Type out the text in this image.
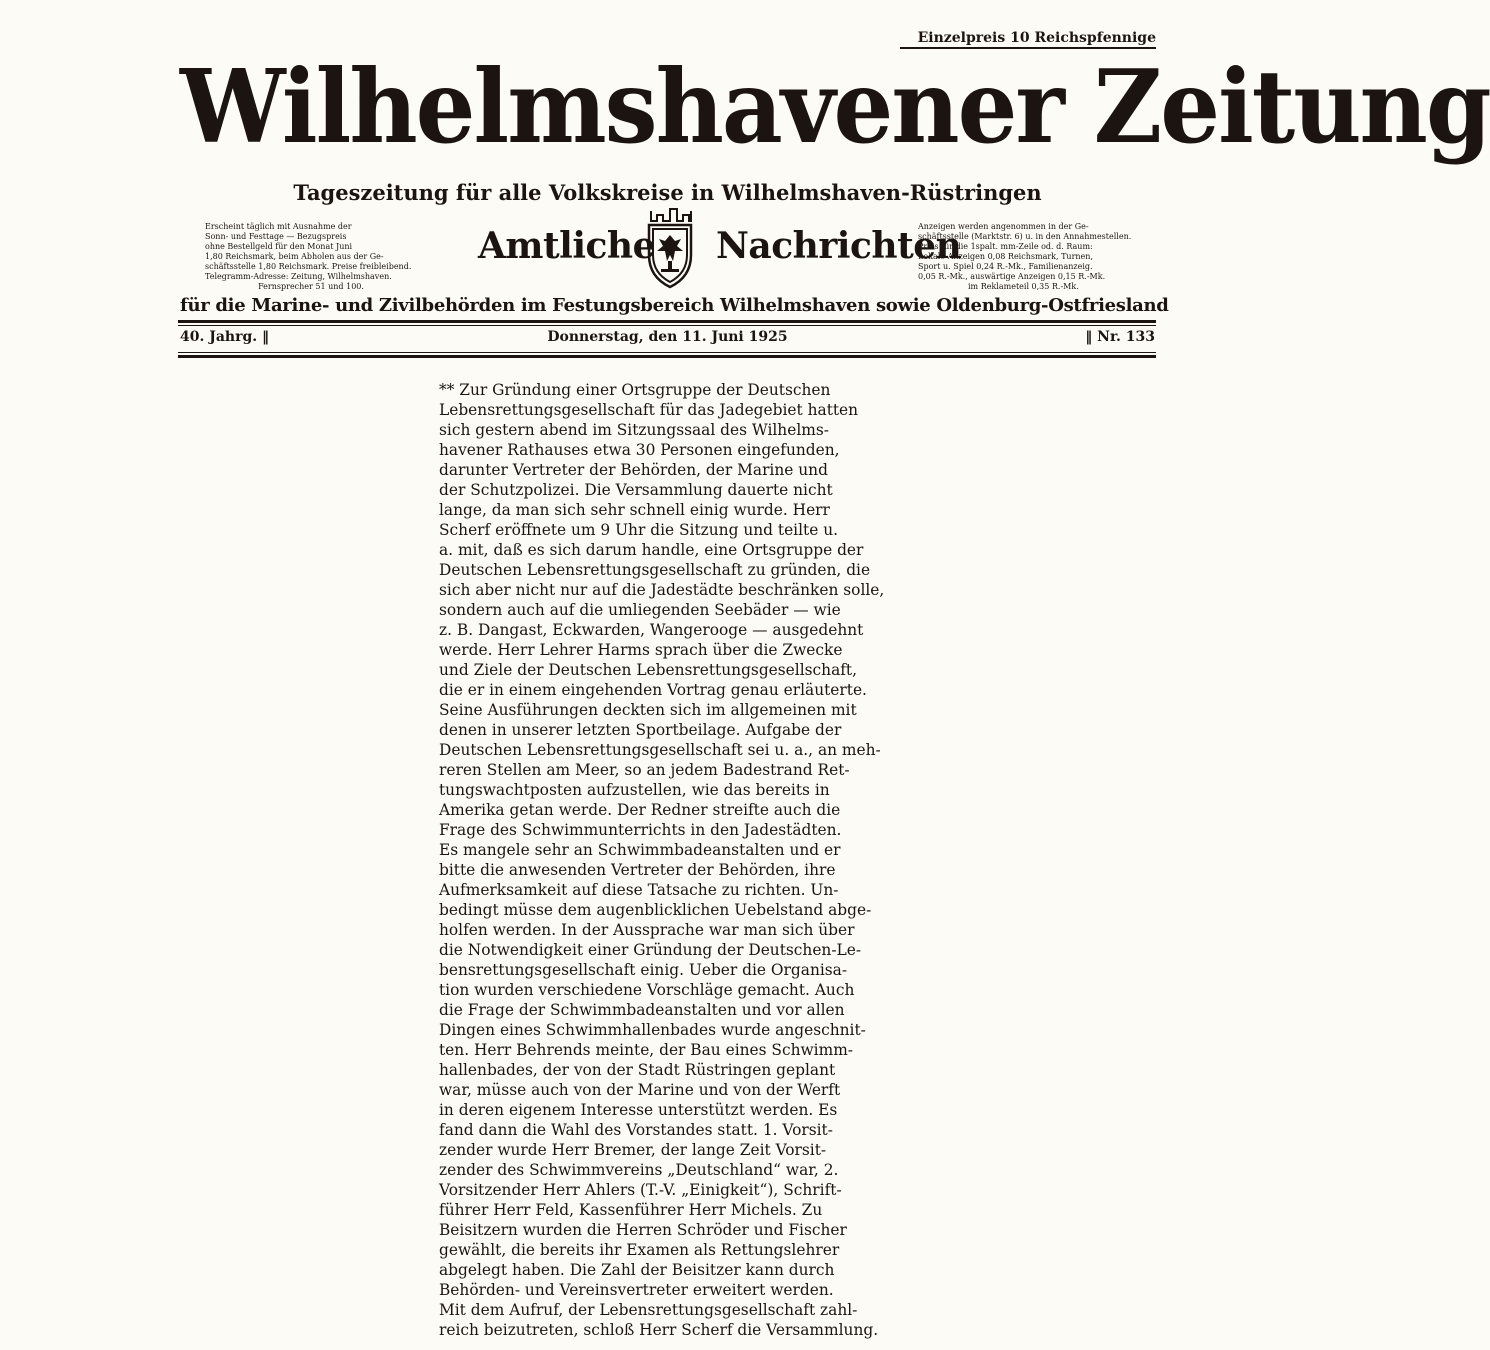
Einzelpreis 10 Reichspfennige
Wilhelmshavener Zeitung
Tageszeitung für alle Volkskreise in Wilhelmshaven-Rüstringen
Erscheint täglich mit Ausnahme der
Sonn- und Festtage — Bezugspreis
ohne Bestellgeld für den Monat Juni
1,80 Reichsmark, beim Abholen aus der Ge-
schäftsstelle 1,80 Reichsmark. Preise freibleibend.
Telegramm-Adresse: Zeitung, Wilhelmshaven.
Fernsprecher 51 und 100.
Amtliche Nachrichten
Anzeigen werden angenommen in der Ge-
schäftsstelle (Marktstr. 6) u. in den Annahmestellen.
Preis für die 1spalt. mm-Zeile od. d. Raum:
Lokale Anzeigen 0,08 Reichsmark, Turnen,
Sport u. Spiel 0,24 R.-Mk., Familienanzeig.
0,05 R.-Mk., auswärtige Anzeigen 0,15 R.-Mk.
im Reklameteil 0,35 R.-Mk.
für die Marine- und Zivilbehörden im Festungsbereich Wilhelmshaven sowie Oldenburg-Ostfriesland
40. Jahrg. ‖	Donnerstag, den 11. Juni 1925	‖ Nr. 133
** Zur Gründung einer Ortsgruppe der Deutschen
Lebensrettungsgesellschaft für das Jadegebiet hatten
sich gestern abend im Sitzungssaal des Wilhelms-
havener Rathauses etwa 30 Personen eingefunden,
darunter Vertreter der Behörden, der Marine und
der Schutzpolizei. Die Versammlung dauerte nicht
lange, da man sich sehr schnell einig wurde. Herr
Scherf eröffnete um 9 Uhr die Sitzung und teilte u.
a. mit, daß es sich darum handle, eine Ortsgruppe der
Deutschen Lebensrettungsgesellschaft zu gründen, die
sich aber nicht nur auf die Jadestädte beschränken solle,
sondern auch auf die umliegenden Seebäder — wie
z. B. Dangast, Eckwarden, Wangerooge — ausgedehnt
werde. Herr Lehrer Harms sprach über die Zwecke
und Ziele der Deutschen Lebensrettungsgesellschaft,
die er in einem eingehenden Vortrag genau erläuterte.
Seine Ausführungen deckten sich im allgemeinen mit
denen in unserer letzten Sportbeilage. Aufgabe der
Deutschen Lebensrettungsgesellschaft sei u. a., an meh-
reren Stellen am Meer, so an jedem Badestrand Ret-
tungswachtposten aufzustellen, wie das bereits in
Amerika getan werde. Der Redner streifte auch die
Frage des Schwimmunterrichts in den Jadestädten.
Es mangele sehr an Schwimmbadeanstalten und er
bitte die anwesenden Vertreter der Behörden, ihre
Aufmerksamkeit auf diese Tatsache zu richten. Un-
bedingt müsse dem augenblicklichen Uebelstand abge-
holfen werden. In der Aussprache war man sich über
die Notwendigkeit einer Gründung der Deutschen-Le-
bensrettungsgesellschaft einig. Ueber die Organisa-
tion wurden verschiedene Vorschläge gemacht. Auch
die Frage der Schwimmbadeanstalten und vor allen
Dingen eines Schwimmhallenbades wurde angeschnit-
ten. Herr Behrends meinte, der Bau eines Schwimm-
hallenbades, der von der Stadt Rüstringen geplant
war, müsse auch von der Marine und von der Werft
in deren eigenem Interesse unterstützt werden. Es
fand dann die Wahl des Vorstandes statt. 1. Vorsit-
zender wurde Herr Bremer, der lange Zeit Vorsit-
zender des Schwimmvereins „Deutschland“ war, 2.
Vorsitzender Herr Ahlers (T.-V. „Einigkeit“), Schrift-
führer Herr Feld, Kassenführer Herr Michels. Zu
Beisitzern wurden die Herren Schröder und Fischer
gewählt, die bereits ihr Examen als Rettungslehrer
abgelegt haben. Die Zahl der Beisitzer kann durch
Behörden- und Vereinsvertreter erweitert werden.
Mit dem Aufruf, der Lebensrettungsgesellschaft zahl-
reich beizutreten, schloß Herr Scherf die Versammlung.
